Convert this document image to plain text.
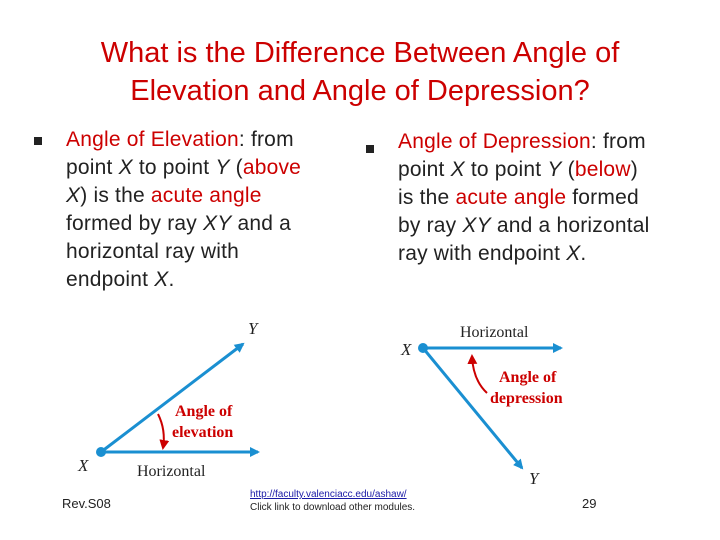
What is the Difference Between Angle of
Elevation and Angle of Depression?
Angle of Elevation: from
point X to point Y (above
X) is the acute angle
formed by ray XY and a
horizontal ray with
endpoint X.
Angle of Depression: from
point X to point Y (below)
is the acute angle formed
by ray XY and a horizontal
ray with endpoint X.
Y
X
Angle of
elevation
Horizontal
Horizontal
X
Angle of
depression
Y
Rev.S08
http://faculty.valenciacc.edu/ashaw/
Click link to download other modules.	29
